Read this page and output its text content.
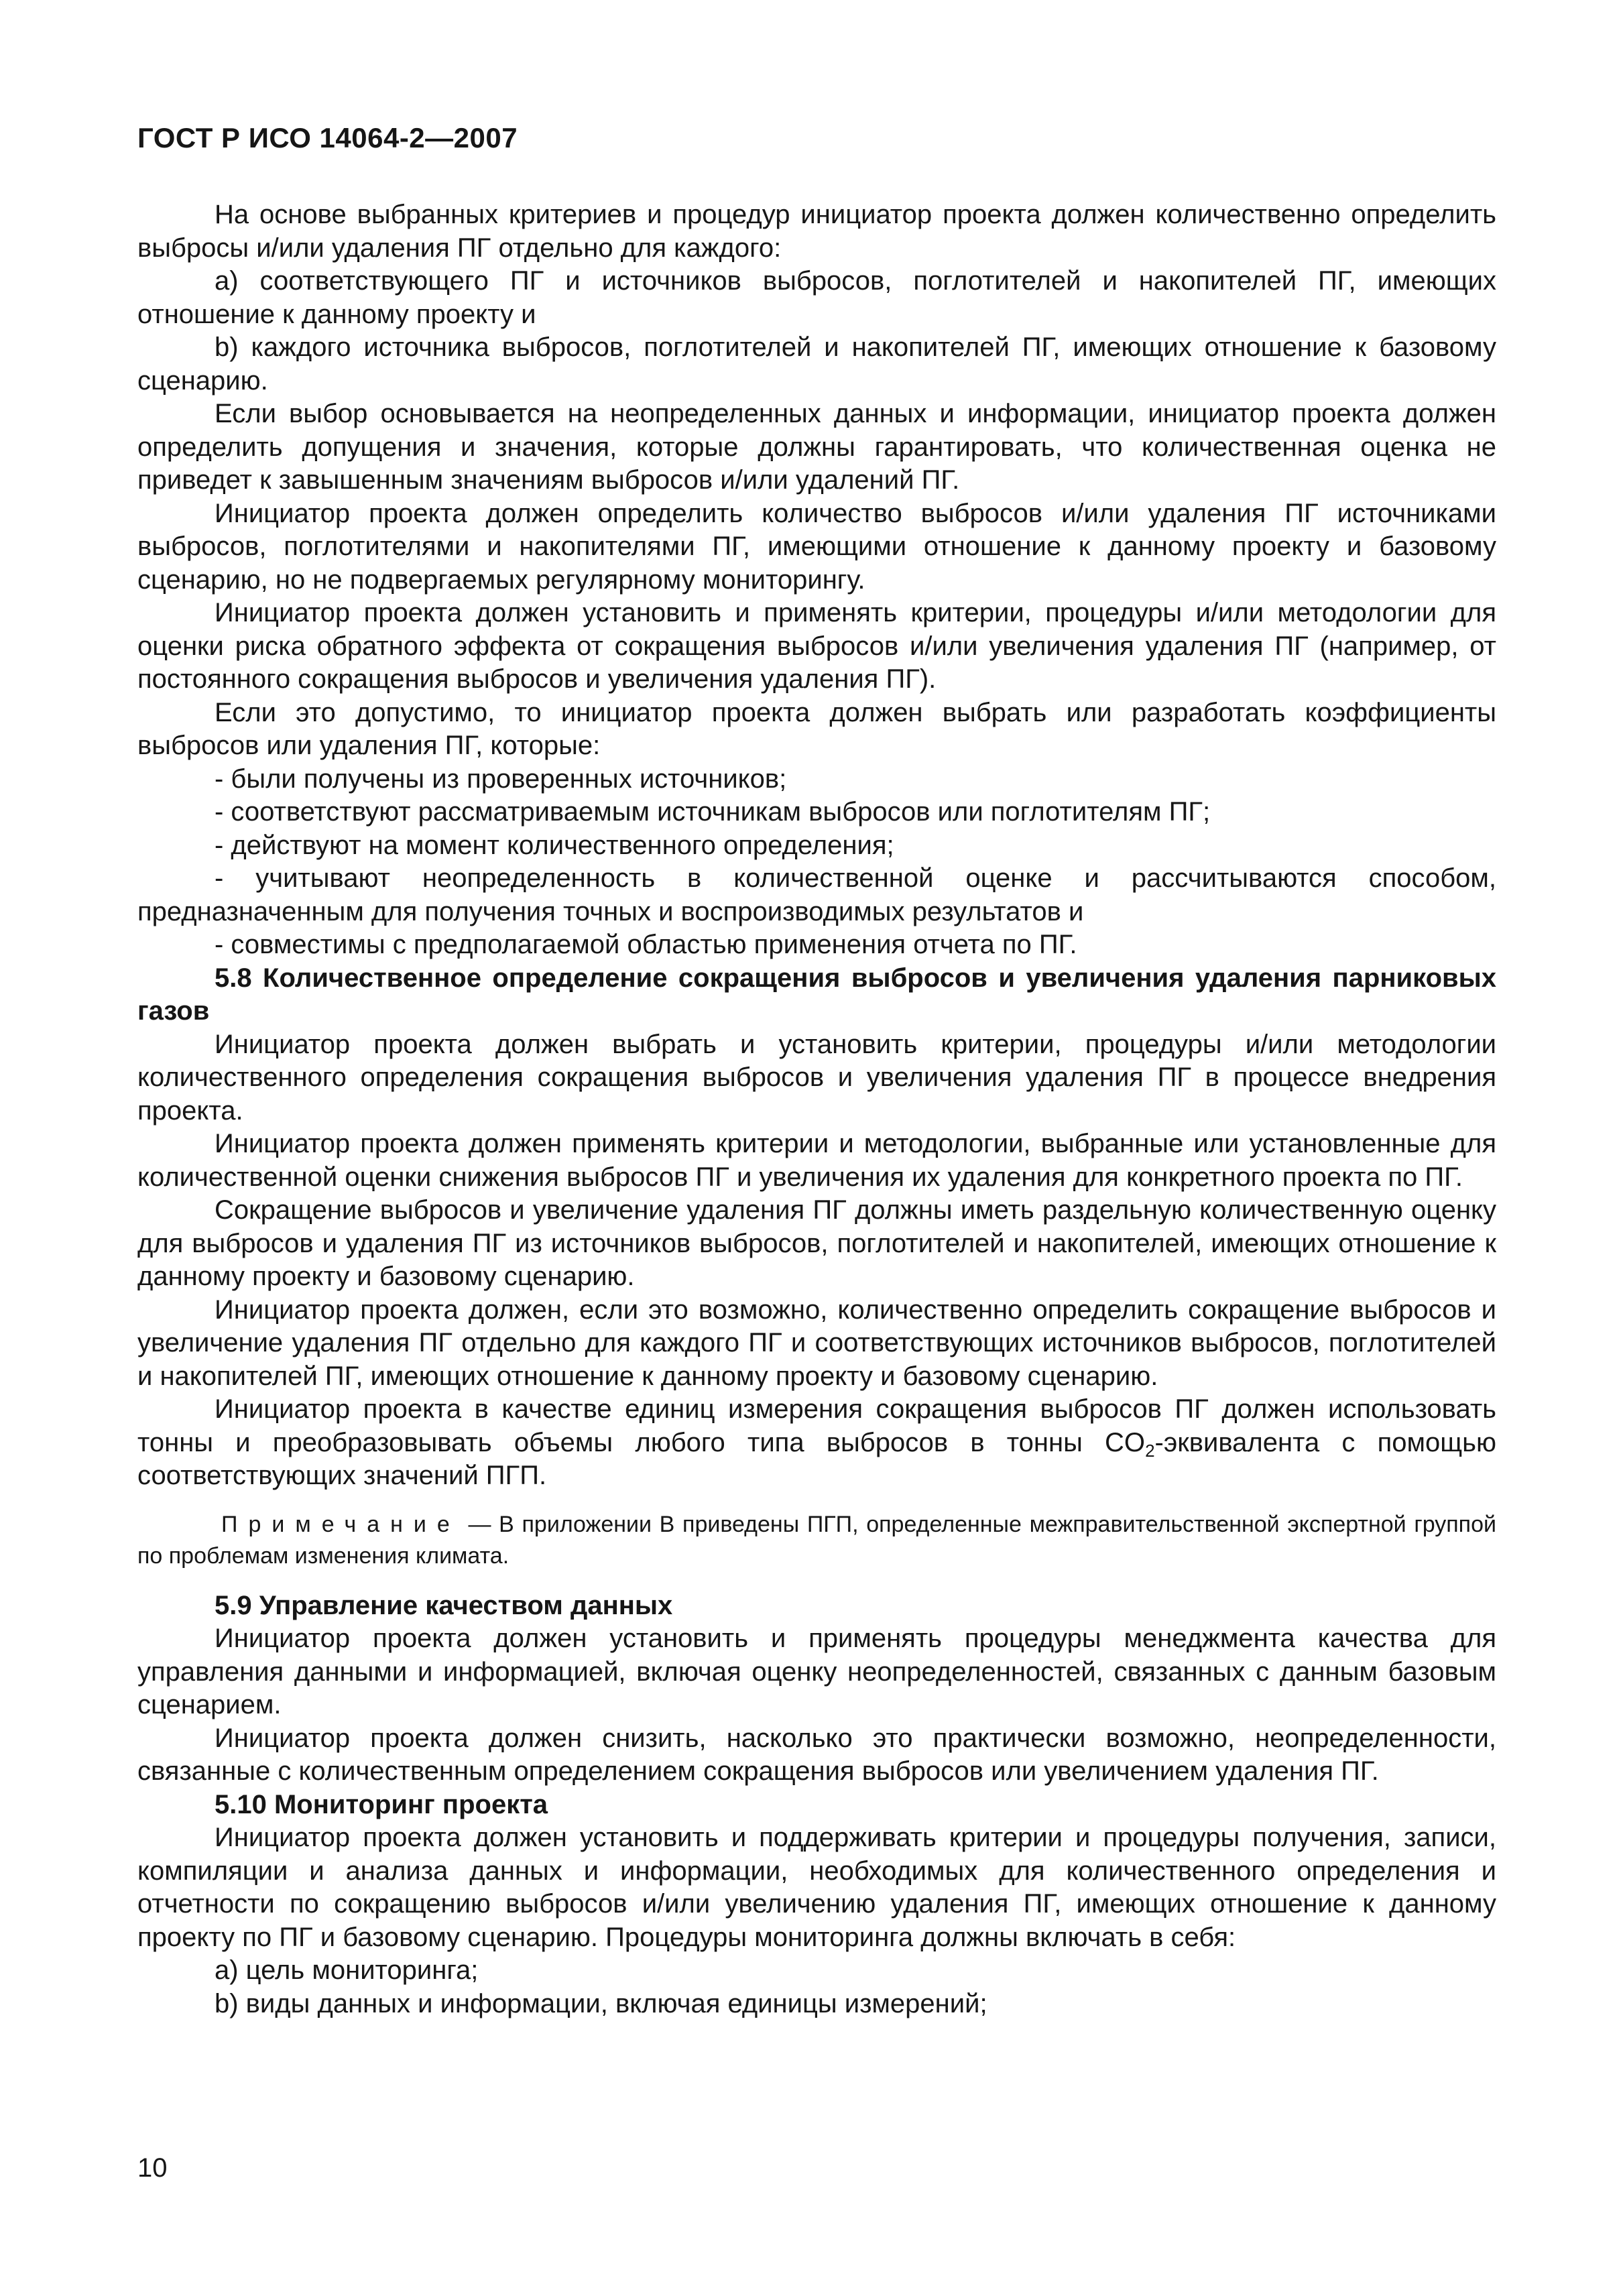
ГОСТ Р ИСО 14064-2—2007

На основе выбранных критериев и процедур инициатор проекта должен количественно определить выбросы и/или удаления ПГ отдельно для каждого:

а) соответствующего ПГ и источников выбросов, поглотителей и накопителей ПГ, имеющих отношение к данному проекту и

b) каждого источника выбросов, поглотителей и накопителей ПГ, имеющих отношение к базовому сценарию.

Если выбор основывается на неопределенных данных и информации, инициатор проекта должен определить допущения и значения, которые должны гарантировать, что количественная оценка не приведет к завышенным значениям выбросов и/или удалений ПГ.

Инициатор проекта должен определить количество выбросов и/или удаления ПГ источниками выбросов, поглотителями и накопителями ПГ, имеющими отношение к данному проекту и базовому сценарию, но не подвергаемых регулярному мониторингу.

Инициатор проекта должен установить и применять критерии, процедуры и/или методологии для оценки риска обратного эффекта от сокращения выбросов и/или увеличения удаления ПГ (например, от постоянного сокращения выбросов и увеличения удаления ПГ).

Если это допустимо, то инициатор проекта должен выбрать или разработать коэффициенты выбросов или удаления ПГ, которые:

- были получены из проверенных источников;

- соответствуют рассматриваемым источникам выбросов или поглотителям ПГ;

- действуют на момент количественного определения;

- учитывают неопределенность в количественной оценке и рассчитываются способом, предназначенным для получения точных и воспроизводимых результатов и

- совместимы с предполагаемой областью применения отчета по ПГ.

5.8 Количественное определение сокращения выбросов и увеличения удаления парниковых газов

Инициатор проекта должен выбрать и установить критерии, процедуры и/или методологии количественного определения сокращения выбросов и увеличения удаления ПГ в процессе внедрения проекта.

Инициатор проекта должен применять критерии и методологии, выбранные или установленные для количественной оценки снижения выбросов ПГ и увеличения их удаления для конкретного проекта по ПГ.

Сокращение выбросов и увеличение удаления ПГ должны иметь раздельную количественную оценку для выбросов и удаления ПГ из источников выбросов, поглотителей и накопителей, имеющих отношение к данному проекту и базовому сценарию.

Инициатор проекта должен, если это возможно, количественно определить сокращение выбросов и увеличение удаления ПГ отдельно для каждого ПГ и соответствующих источников выбросов, поглотителей и накопителей ПГ, имеющих отношение к данному проекту и базовому сценарию.

Инициатор проекта в качестве единиц измерения сокращения выбросов ПГ должен использовать тонны и преобразовывать объемы любого типа выбросов в тонны $CO_2$-эквивалента с помощью соответствующих значений ПГП.

Примечание — В приложении В приведены ПГП, определенные межправительственной экспертной группой по проблемам изменения климата.

5.9 Управление качеством данных

Инициатор проекта должен установить и применять процедуры менеджмента качества для управления данными и информацией, включая оценку неопределенностей, связанных с данным базовым сценарием.

Инициатор проекта должен снизить, насколько это практически возможно, неопределенности, связанные с количественным определением сокращения выбросов или увеличением удаления ПГ.

5.10 Мониторинг проекта

Инициатор проекта должен установить и поддерживать критерии и процедуры получения, записи, компиляции и анализа данных и информации, необходимых для количественного определения и отчетности по сокращению выбросов и/или увеличению удаления ПГ, имеющих отношение к данному проекту по ПГ и базовому сценарию. Процедуры мониторинга должны включать в себя:

а) цель мониторинга;

b) виды данных и информации, включая единицы измерений;

10
